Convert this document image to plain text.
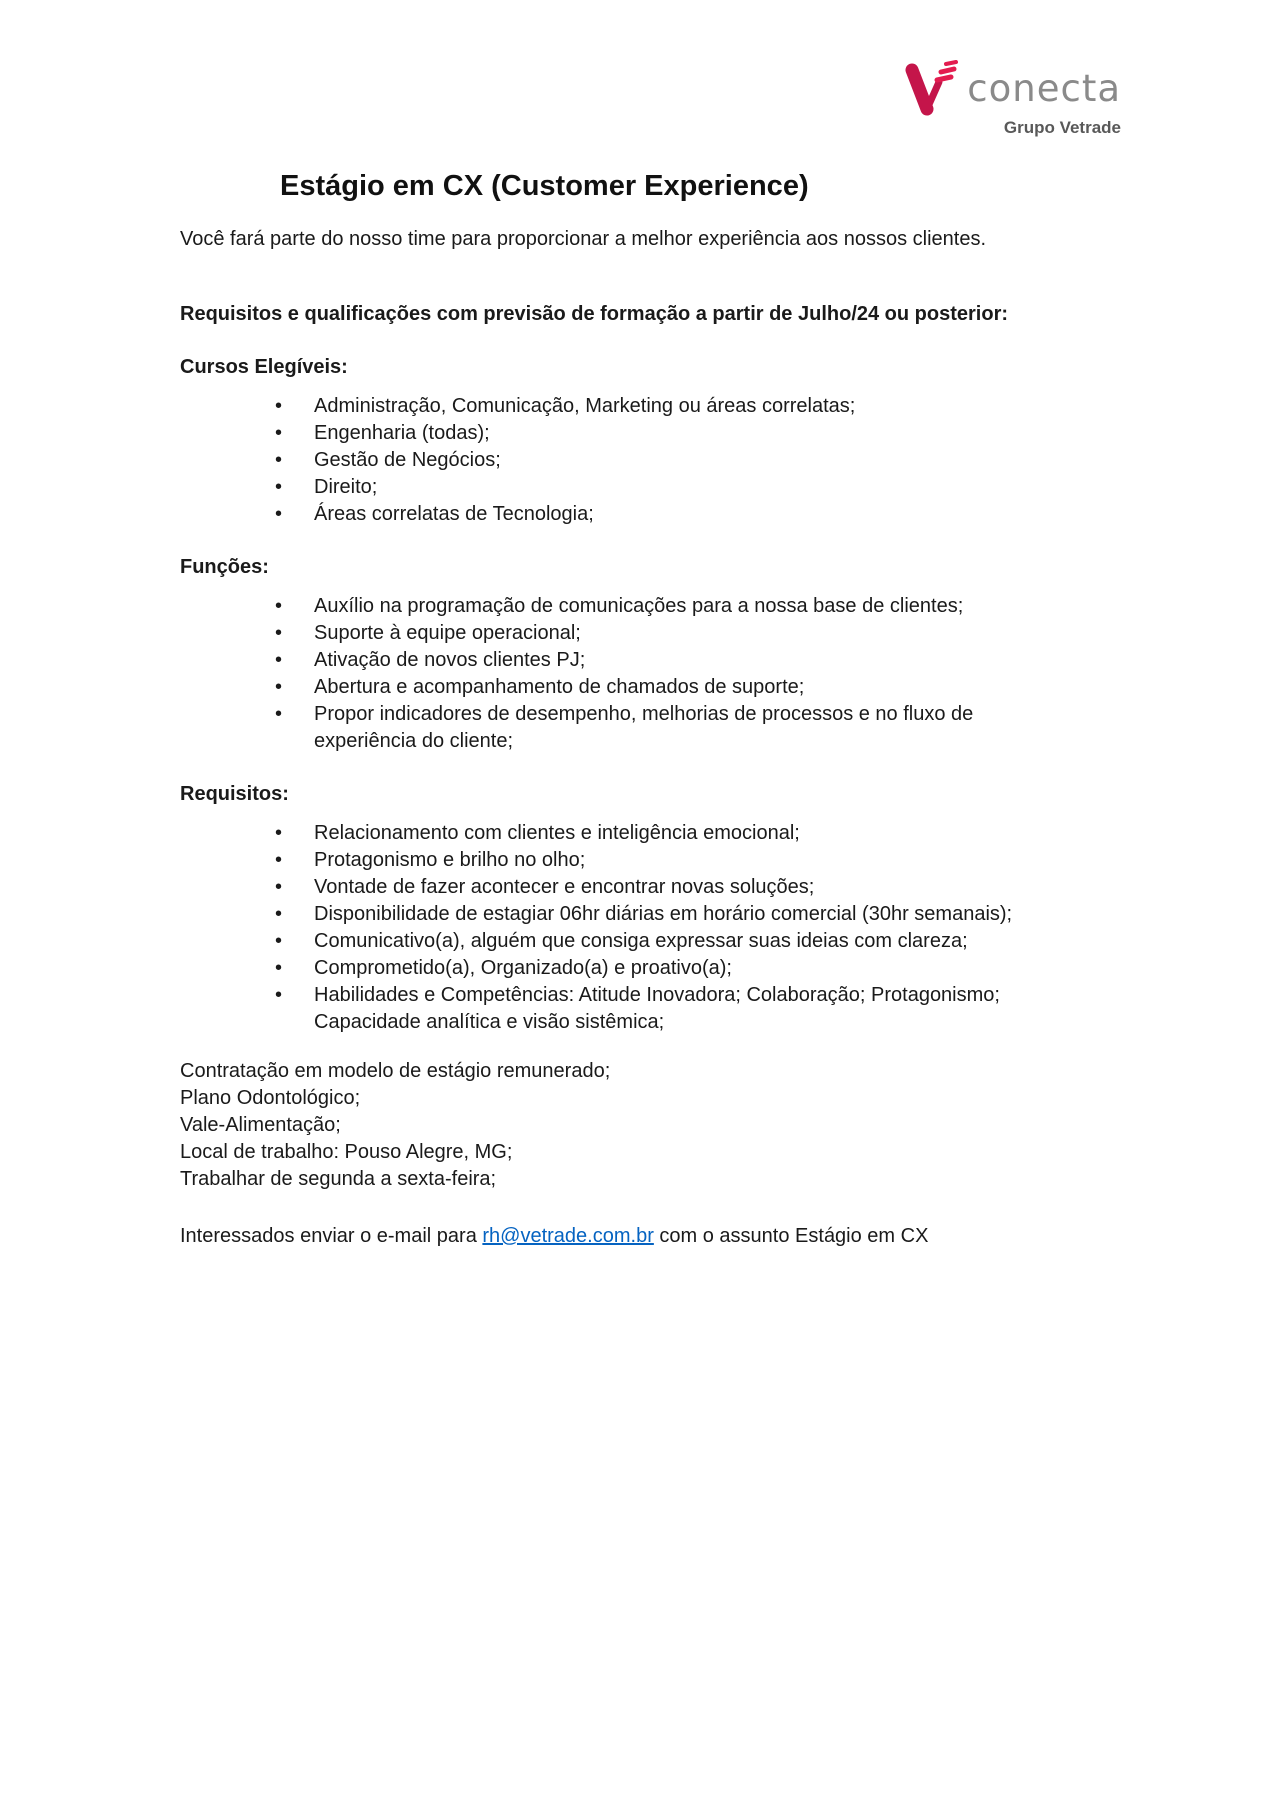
conecta
Grupo Vetrade
Estágio em CX (Customer Experience)

Você fará parte do nosso time para proporcionar a melhor experiência aos nossos clientes.

Requisitos e qualificações com previsão de formação a partir de Julho/24 ou posterior:

Cursos Elegíveis:

• Administração, Comunicação, Marketing ou áreas correlatas;
• Engenharia (todas);
• Gestão de Negócios;
• Direito;
• Áreas correlatas de Tecnologia;

Funções:

• Auxílio na programação de comunicações para a nossa base de clientes;
• Suporte à equipe operacional;
• Ativação de novos clientes PJ;
• Abertura e acompanhamento de chamados de suporte;
• Propor indicadores de desempenho, melhorias de processos e no fluxo de experiência do cliente;

Requisitos:

• Relacionamento com clientes e inteligência emocional;
• Protagonismo e brilho no olho;
• Vontade de fazer acontecer e encontrar novas soluções;
• Disponibilidade de estagiar 06hr diárias em horário comercial (30hr semanais);
• Comunicativo(a), alguém que consiga expressar suas ideias com clareza;
• Comprometido(a), Organizado(a) e proativo(a);
• Habilidades e Competências: Atitude Inovadora; Colaboração; Protagonismo; Capacidade analítica e visão sistêmica;

Contratação em modelo de estágio remunerado;

Plano Odontológico;

Vale-Alimentação;

Local de trabalho: Pouso Alegre, MG;

Trabalhar de segunda a sexta-feira;

Interessados enviar o e-mail para rh@vetrade.com.br com o assunto Estágio em CX
